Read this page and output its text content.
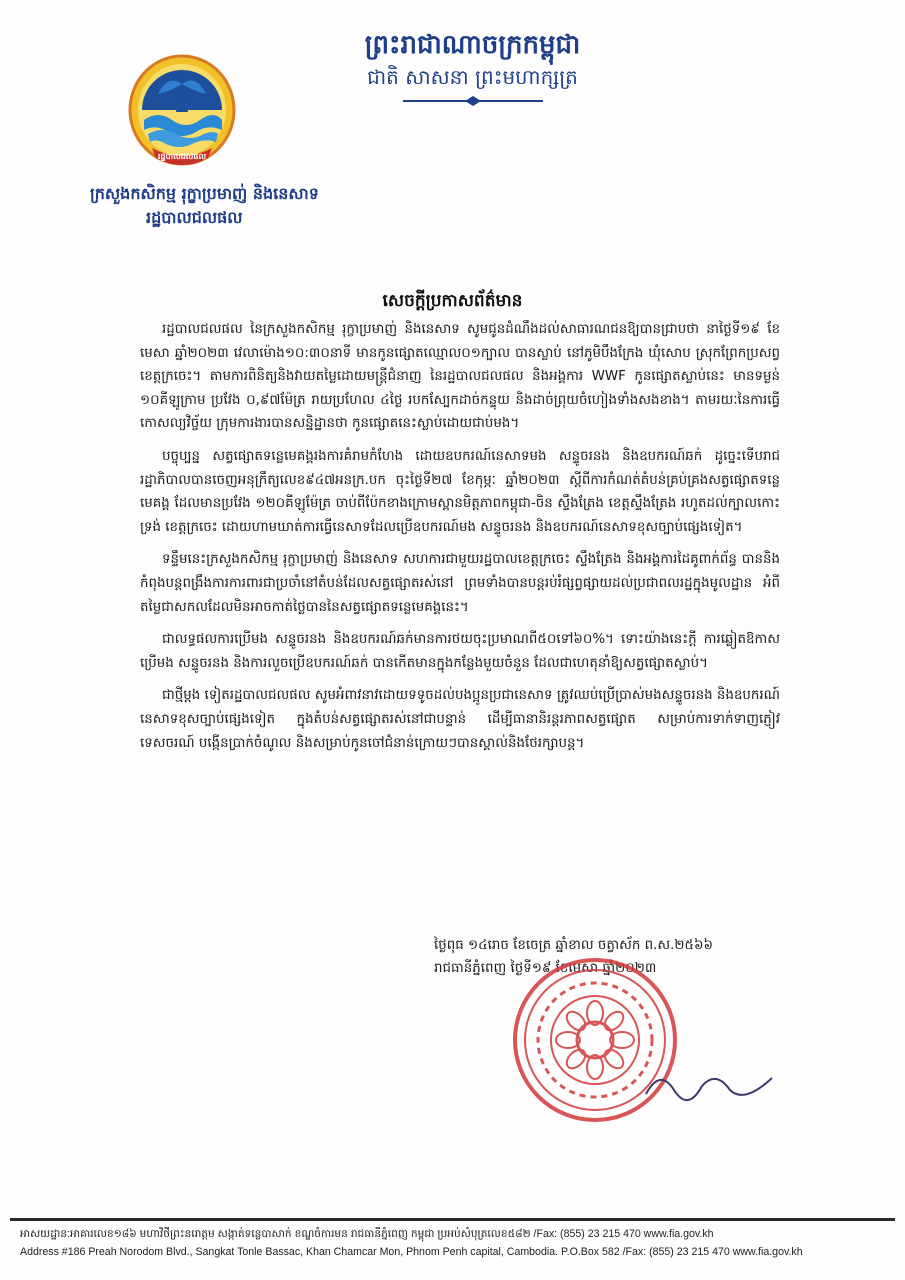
ព្រះរាជាណាចក្រកម្ពុជា
ជាតិ សាសនា ព្រះមហាក្សត្រ
រដ្ឋបាលជលផល
ក្រសួងកសិកម្ម រុក្ខាប្រមាញ់ និងនេសាទ
រដ្ឋបាលជលផល
សេចក្តីប្រកាសព័ត៌មាន

រដ្ឋបាលជលផល នៃក្រសួងកសិកម្ម រុក្ខាប្រមាញ់ និងនេសាទ សូមជូនដំណឹងដល់សាធារណជនឱ្យបានជ្រាបថា នាថ្ងៃទី១៩ ខែមេសា ឆ្នាំ២០២៣ វេលាម៉ោង១០:៣០នាទី មានកូនផ្សោតឈ្មោល០១ក្បាល បានស្លាប់ នៅភូមិបឹងក្រែង ឃុំសោប ស្រុកព្រែកប្រសព្វ ខេត្តក្រចេះ។ តាមការពិនិត្យនិងវាយតម្លៃដោយមន្ត្រីជំនាញ នៃរដ្ឋបាលជលផល និងអង្គការ WWF កូនផ្សោតស្លាប់នេះ មានទម្ងន់ ១០គីឡូក្រាម ប្រវែង ០,៩៧ម៉ែត្រ រាយប្រហែល ៤ថ្ងៃ របកស្បែកដាច់កន្ទុយ និងដាច់ព្រុយចំហៀងទាំងសងខាង។ តាមរយៈនៃការធ្វើកោសល្យវិច្ច័យ ក្រុមការងារបានសន្និដ្ឋានថា កូនផ្សោតនេះស្លាប់ដោយជាប់មង។

បច្ចុប្បន្ន សត្វផ្សោតទន្លេមេគង្គរងការគំរាមកំហែង ដោយឧបករណ៍នេសាទមង សន្ទូចរនង និងឧបករណ៍ឆក់ ដូច្នេះទើបរាជរដ្ឋាភិបាលបានចេញអនុក្រឹត្យលេខ៩៤៧អនក្រ.បក ចុះថ្ងៃទី២៧ ខែកុម្ភៈ ឆ្នាំ២០២៣ ស្តីពីការកំណត់តំបន់គ្រប់គ្រងសត្វផ្សោតទន្លេមេគង្គ ដែលមានប្រវែង ១២០គីឡូម៉ែត្រ ចាប់ពីប៉ែកខាងក្រោមស្ពានមិត្តភាពកម្ពុជា-ចិន ស្ទឹងត្រែង ខេត្តស្ទឹងត្រែង រហូតដល់ក្បាលកោះទ្រង់ ខេត្តក្រចេះ ដោយហាមឃាត់ការធ្វើនេសាទដែលប្រើឧបករណ៍មង សន្ទូចរនង និងឧបករណ៍នេសាទខុសច្បាប់ផ្សេងទៀត។

ទន្ទឹមនេះក្រសួងកសិកម្ម រុក្ខាប្រមាញ់ និងនេសាទ សហការជាមួយរដ្ឋបាលខេត្តក្រចេះ ស្ទឹងត្រែង និងអង្គការដៃគូពាក់ព័ន្ធ បាននិងកំពុងបន្តពង្រឹងការការពារជាប្រចាំនៅតំបន់ដែលសត្វផ្សោតរស់នៅ ព្រមទាំងបានបន្តរប់រំផ្សព្វផ្សាយដល់ប្រជាពលរដ្ឋក្នុងមូលដ្ឋាន អំពីតម្លៃជាសកលដែលមិនអាចកាត់ថ្លៃបាននៃសត្វផ្សោតទន្លេមេគង្គនេះ។

ជាលទ្ធផលការប្រើមង សន្ទូចរនង និងឧបករណ៍ឆក់មានការថយចុះប្រមាណពី៥០ទៅ៦០%។ ទោះយ៉ាងនេះក្តី ការឆ្លៀតឱកាសប្រើមង សន្ទូចរនង និងការលួចប្រើឧបករណ៍ឆក់ បានកើតមានក្នុងកន្លែងមួយចំនួន ដែលជាហេតុនាំឱ្យសត្វផ្សោតស្លាប់។

ជាថ្មីម្តង ទៀតរដ្ឋបាលជលផល សូមអំពាវនាវដោយទទូចដល់បងប្អូនប្រជានេសាទ ត្រូវឈប់ប្រើប្រាស់មងសន្ទូចរនង និងឧបករណ៍នេសាទខុសច្បាប់ផ្សេងទៀត ក្នុងតំបន់សត្វផ្សោតរស់នៅជាបន្ទាន់ ដើម្បីធានានិរន្តរភាពសត្វផ្សោត សម្រាប់ការទាក់ទាញភ្ញៀវទេសចរណ៍ បង្កើនប្រាក់ចំណូល និងសម្រាប់កូនចៅជំនាន់ក្រោយៗបានស្គាល់និងថែរក្សាបន្ត។

ថ្ងៃពុធ ១៤រោច ខែចេត្រ ឆ្នាំខាល ចត្វាស័ក ព.ស.២៥៦៦
រាជធានីភ្នំពេញ ថ្ងៃទី១៩ ខែមេសា ឆ្នាំ២០២៣
អាសយដ្ឋាន:អាគារលេខ១៨៦ មហាវិថីព្រះនរោត្តម សង្កាត់ទន្លេបាសាក់ ខណ្ឌចំការមន រាជធានីភ្នំពេញ កម្ពុជា ប្រអប់សំបុត្រលេខ៥៨២ /Fax: (855) 23 215 470 www.fia.gov.kh
Address #186 Preah Norodom Blvd., Sangkat Tonle Bassac, Khan Chamcar Mon, Phnom Penh capital, Cambodia. P.O.Box 582 /Fax: (855) 23 215 470 www.fia.gov.kh
